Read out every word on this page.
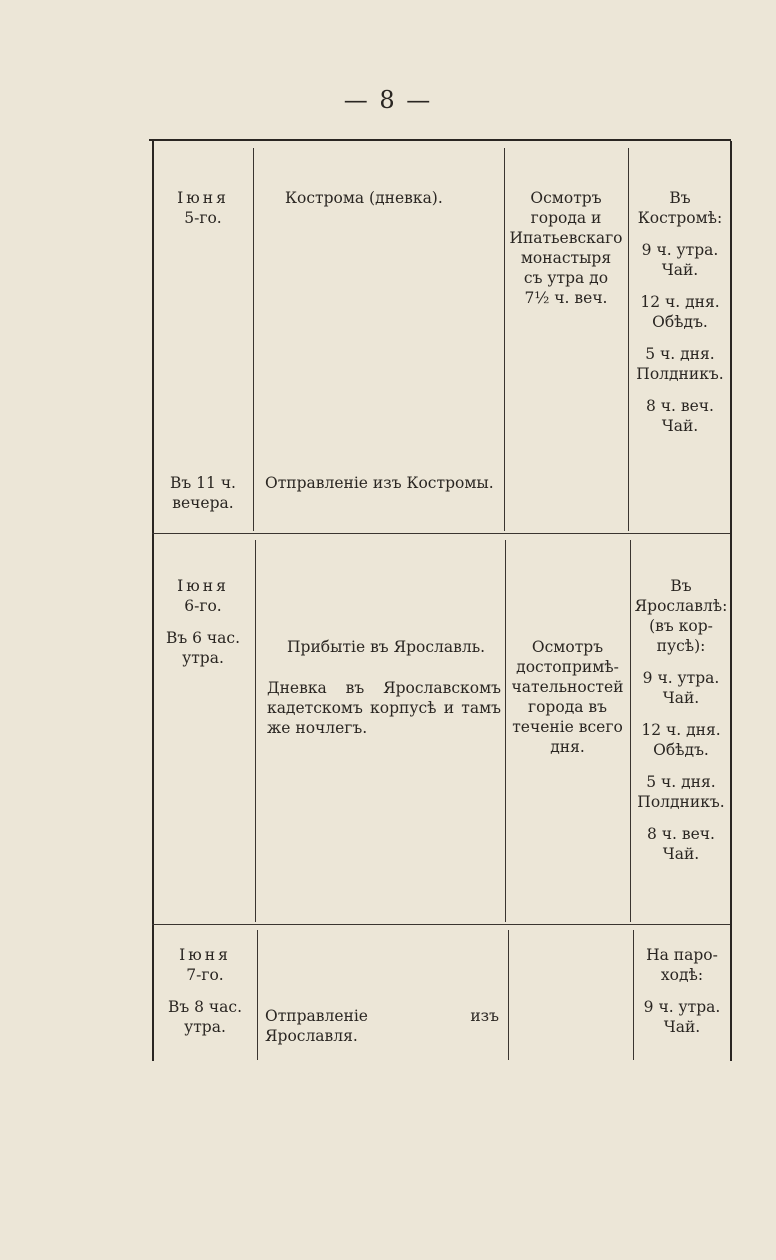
— 8 —
Іюня
5-го.
Кострома (дневка).	Осмотръ
города и
Ипатьевскаго
монастыря
съ утра до
7½ ч. веч.
Въ
Костромѣ:
9 ч. утра.
Чай.
12 ч. дня.
Обѣдъ.
5 ч. дня.
Полдникъ.
8 ч. веч.
Чай.
Въ 11 ч.
вечера.
Отправленіе изъ Костромы.
Іюня
6-го.
Въ 6 час.
утра.
Прибытіе въ Ярославль.
Дневка въ Ярославскомъ кадетскомъ корпусѣ и тамъ же ночлегъ.
Осмотръ
достопримѣ-
чательностей
города въ
теченіе всего
дня.
Въ
Ярославлѣ:
(въ кор-
пусѣ):
9 ч. утра.
Чай.
12 ч. дня.
Обѣдъ.
5 ч. дня.
Полдникъ.
8 ч. веч.
Чай.
Іюня
7-го.
Въ 8 час.
утра.
Отправленіе изъ Ярославля.
На паро-
ходѣ:
9 ч. утра.
Чай.
